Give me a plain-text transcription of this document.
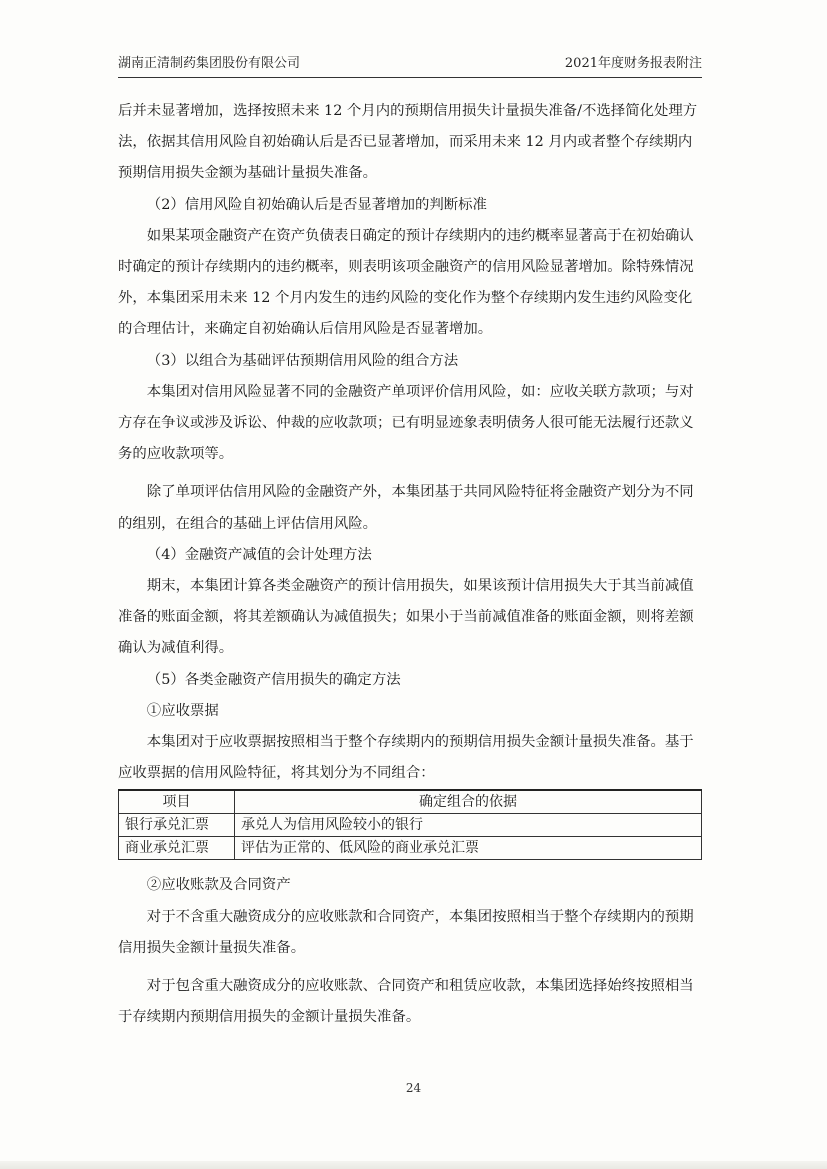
湖南正清制药集团股份有限公司	2021年度财务报表附注

后并未显著增加，选择按照未来 12 个月内的预期信用损失计量损失准备/不选择简化处理方法，依据其信用风险自初始确认后是否已显著增加，而采用未来 12 月内或者整个存续期内预期信用损失金额为基础计量损失准备。

（2）信用风险自初始确认后是否显著增加的判断标准

如果某项金融资产在资产负债表日确定的预计存续期内的违约概率显著高于在初始确认时确定的预计存续期内的违约概率，则表明该项金融资产的信用风险显著增加。除特殊情况外，本集团采用未来 12 个月内发生的违约风险的变化作为整个存续期内发生违约风险变化的合理估计，来确定自初始确认后信用风险是否显著增加。

（3）以组合为基础评估预期信用风险的组合方法

本集团对信用风险显著不同的金融资产单项评价信用风险，如：应收关联方款项；与对方存在争议或涉及诉讼、仲裁的应收款项；已有明显迹象表明债务人很可能无法履行还款义务的应收款项等。

除了单项评估信用风险的金融资产外，本集团基于共同风险特征将金融资产划分为不同的组别，在组合的基础上评估信用风险。

（4）金融资产减值的会计处理方法

期末，本集团计算各类金融资产的预计信用损失，如果该预计信用损失大于其当前减值准备的账面金额，将其差额确认为减值损失；如果小于当前减值准备的账面金额，则将差额确认为减值利得。

（5）各类金融资产信用损失的确定方法

①应收票据

本集团对于应收票据按照相当于整个存续期内的预期信用损失金额计量损失准备。基于应收票据的信用风险特征，将其划分为不同组合：

项目	确定组合的依据
银行承兑汇票	承兑人为信用风险较小的银行
商业承兑汇票	评估为正常的、低风险的商业承兑汇票

②应收账款及合同资产

对于不含重大融资成分的应收账款和合同资产，本集团按照相当于整个存续期内的预期信用损失金额计量损失准备。

对于包含重大融资成分的应收账款、合同资产和租赁应收款，本集团选择始终按照相当于存续期内预期信用损失的金额计量损失准备。

24
